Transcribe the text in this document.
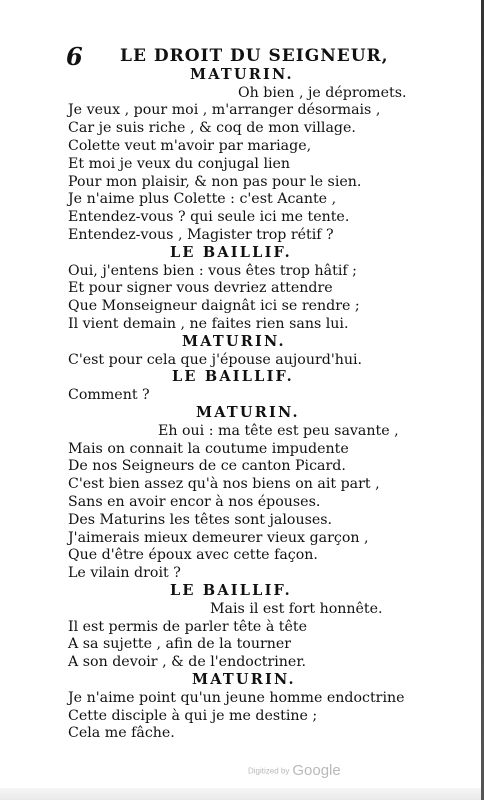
6 LE DROIT DU SEIGNEUR,
MATURIN.
Oh bien , je dépromets.
Je veux , pour moi , m'arranger désormais ,
Car je suis riche , & coq de mon village.
Colette veut m'avoir par mariage,
Et moi je veux du conjugal lien
Pour mon plaisir, & non pas pour le sien.
Je n'aime plus Colette : c'est Acante ,
Entendez-vous ? qui seule ici me tente.
Entendez-vous , Magister trop rétif ?
LE BAILLIF.
Oui, j'entens bien : vous êtes trop hâtif ;
Et pour signer vous devriez attendre
Que Monseigneur daignât ici se rendre ;
Il vient demain , ne faites rien sans lui.
MATURIN.
C'est pour cela que j'épouse aujourd'hui.
LE BAILLIF.
Comment ?
MATURIN.
Eh oui : ma tête est peu savante ,
Mais on connait la coutume impudente
De nos Seigneurs de ce canton Picard.
C'est bien assez qu'à nos biens on ait part ,
Sans en avoir encor à nos épouses.
Des Maturins les têtes sont jalouses.
J'aimerais mieux demeurer vieux garçon ,
Que d'être époux avec cette façon.
Le vilain droit ?
LE BAILLIF.
Mais il est fort honnête.
Il est permis de parler tête à tête
A sa sujette , afin de la tourner
A son devoir , & de l'endoctriner.
MATURIN.
Je n'aime point qu'un jeune homme endoctrine
Cette disciple à qui je me destine ;
Cela me fâche.
Digitized by Google
